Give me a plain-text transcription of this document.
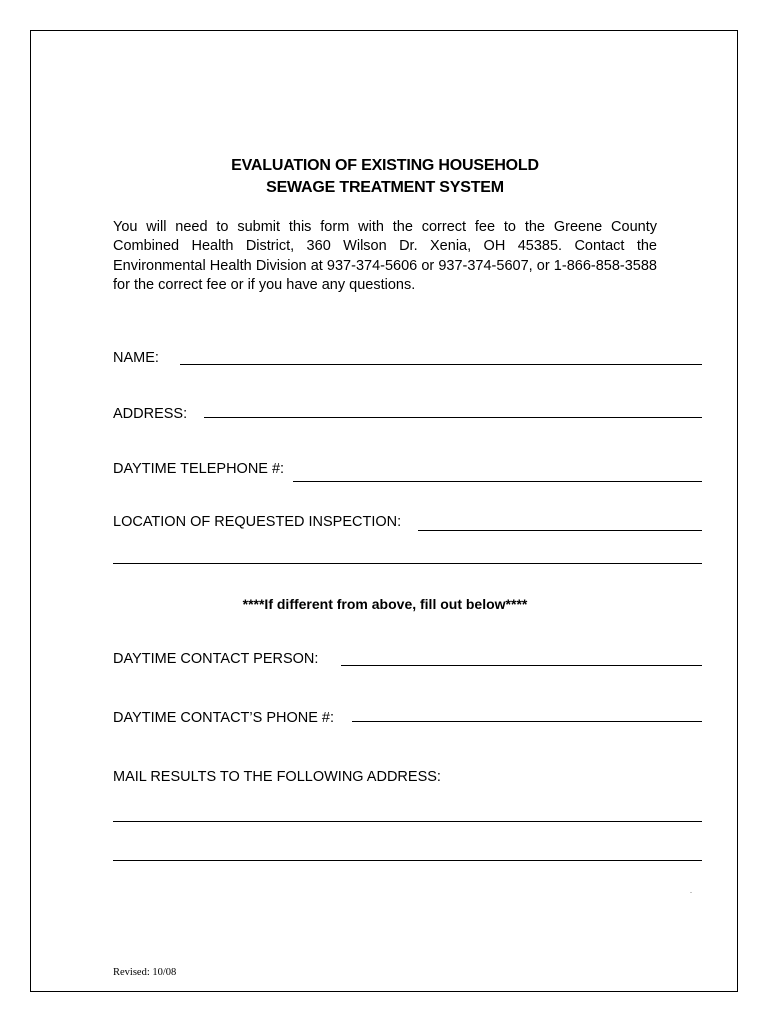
EVALUATION OF EXISTING HOUSEHOLD
SEWAGE TREATMENT SYSTEM

You will need to submit this form with the correct fee to the Greene County Combined Health District, 360 Wilson Dr. Xenia, OH 45385. Contact the Environmental Health Division at 937-374-5606 or 937-374-5607, or 1-866-858-3588 for the correct fee or if you have any questions.

NAME:
ADDRESS:
DAYTIME TELEPHONE #:
LOCATION OF REQUESTED INSPECTION:
****If different from above, fill out below****
DAYTIME CONTACT PERSON:
DAYTIME CONTACT’S PHONE #:
MAIL RESULTS TO THE FOLLOWING ADDRESS:
.
Revised: 10/08
